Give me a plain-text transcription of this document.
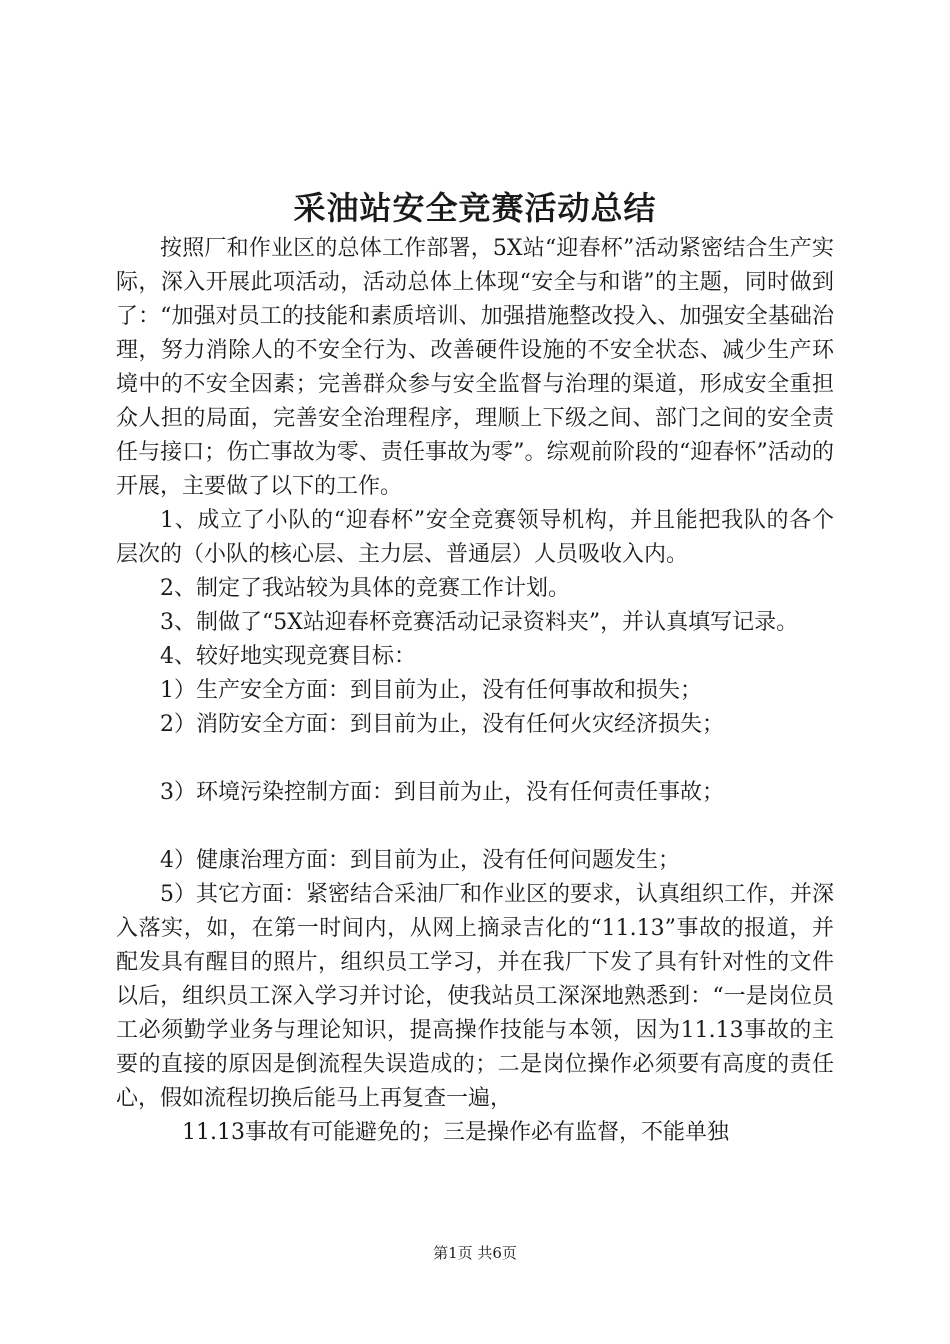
采油站安全竞赛活动总结

按照厂和作业区的总体工作部署，5X站“迎春杯”活动紧密结合生产实际，深入开展此项活动，活动总体上体现“安全与和谐”的主题，同时做到了：“加强对员工的技能和素质培训、加强措施整改投入、加强安全基础治理，努力消除人的不安全行为、改善硬件设施的不安全状态、减少生产环境中的不安全因素；完善群众参与安全监督与治理的渠道，形成安全重担众人担的局面，完善安全治理程序，理顺上下级之间、部门之间的安全责任与接口；伤亡事故为零、责任事故为零”。综观前阶段的“迎春怀”活动的开展，主要做了以下的工作。

1、成立了小队的“迎春杯”安全竞赛领导机构，并且能把我队的各个层次的（小队的核心层、主力层、普通层）人员吸收入内。

2、制定了我站较为具体的竞赛工作计划。

3、制做了“5X站迎春杯竞赛活动记录资料夹”，并认真填写记录。

4、较好地实现竞赛目标：

1）生产安全方面：到目前为止，没有任何事故和损失；

2）消防安全方面：到目前为止，没有任何火灾经济损失；

3）环境污染控制方面：到目前为止，没有任何责任事故；

4）健康治理方面：到目前为止，没有任何问题发生；

5）其它方面：紧密结合采油厂和作业区的要求，认真组织工作，并深入落实，如，在第一时间内，从网上摘录吉化的“11.13”事故的报道，并配发具有醒目的照片，组织员工学习，并在我厂下发了具有针对性的文件以后，组织员工深入学习并讨论，使我站员工深深地熟悉到：“一是岗位员工必须勤学业务与理论知识，提高操作技能与本领，因为11.13事故的主要的直接的原因是倒流程失误造成的；二是岗位操作必须要有高度的责任心，假如流程切换后能马上再复查一遍，

11.13事故有可能避免的；三是操作必有监督，不能单独

第1页 共6页
